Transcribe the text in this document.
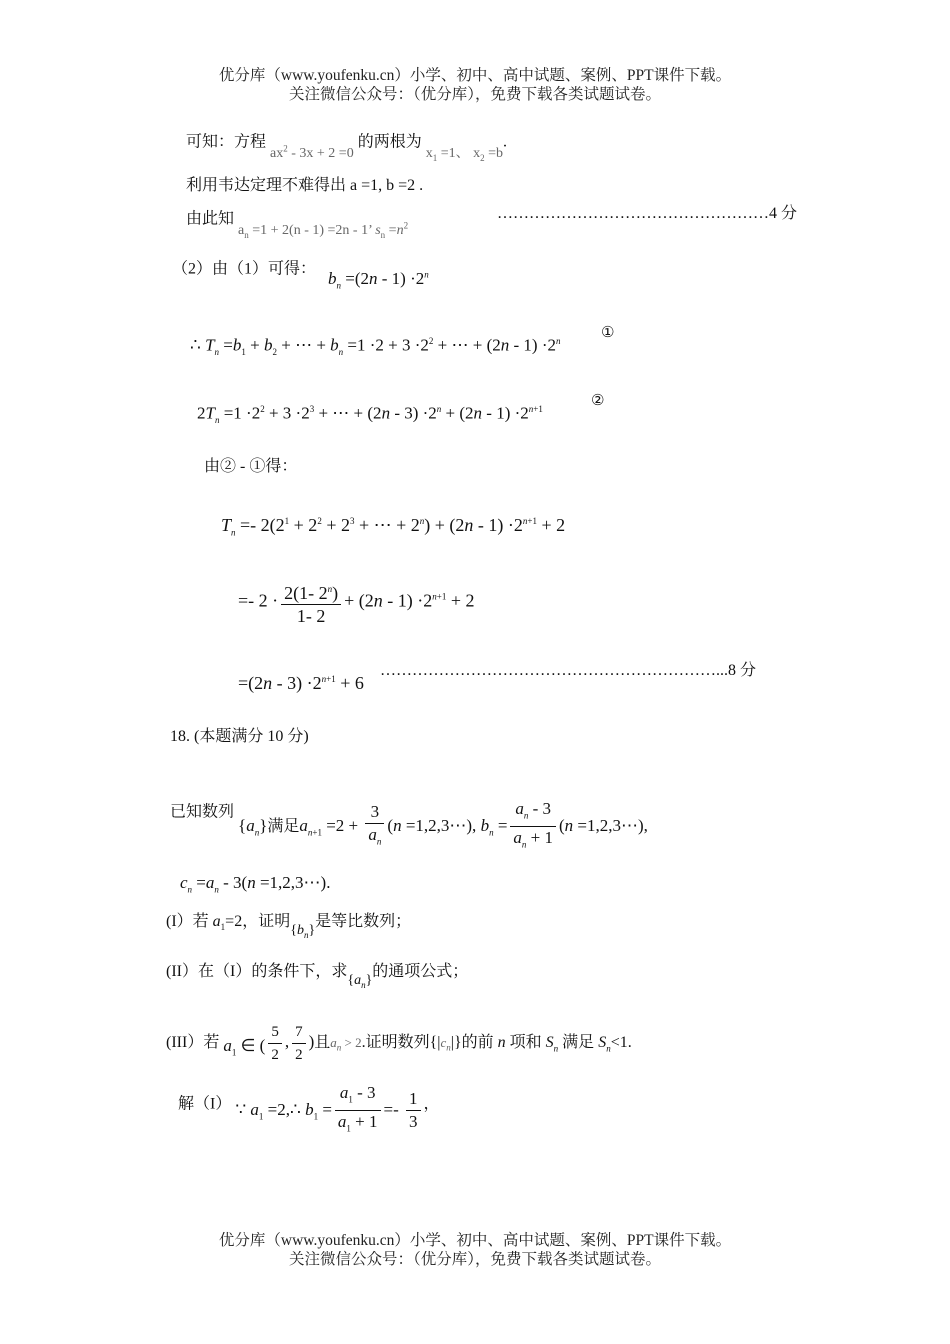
优分库（www.youfenku.cn）小学、初中、高中试题、案例、PPT课件下载。
关注微信公众号：（优分库），免费下载各类试题试卷。
可知：方程 $ax^2 - 3x + 2 =0$ 的两根为 $x_1 =1$、 $x_2 =b$.
利用韦达定理不难得出 a =1, b =2 .
由此知 $a_n =1 + 2(n - 1) =2n - 1$’ $s_n =n^2$
……………………………………………4 分
（2）由（1）可得： $b_n =(2n - 1) \cdot 2^n$
∴ $T_n =b_1 + b_2$ + ⋯ + $b_n =1 \cdot 2 + 3 \cdot 2^2$ + ⋯ + $(2n - 1) \cdot 2^n$	①
$2T_n =1 \cdot 2^2 + 3 \cdot 2^3$ + ⋯ + $(2n - 3) \cdot 2^n + (2n - 1) \cdot 2^{n+1}$	②
由② - ①得：
$T_n =- 2(2^1 + 2^2 + 2^3$ + ⋯ + $2^n) + (2n - 1) \cdot 2^{n+1} + 2$
=- $2 \cdot \frac{2(1- 2^n)}{1- 2} + (2n - 1) \cdot 2^{n+1} + 2$
$=(2n - 3) \cdot 2^{n+1} + 6$
………………………………………………………...8 分
18. (本题满分 10 分)
已知数列 $\{a_n\}$满足$a_{n+1} =2 + \frac{3}{a_n} (n$ =1,2,3⋯), $b_n = \frac{a_n - 3}{a_n + 1} (n$ =1,2,3⋯),
$c_n =a_n - 3(n$ =1,2,3⋯).
(I）若 $a_1=2$，证明$\{b_n\}$是等比数列；
(II）在（I）的条件下，求$\{a_n\}$的通项公式；
(III）若 $a_1$ ∈ ( $\frac{5}{2}$ , $\frac{7}{2}$ )且$a_n > 2$.证明数列$\{|c_n|\}$的前 n 项和 $S_n$ 满足 $S_n<1$.
解（I） ∵ $a_1$ =2,∴ $b_1 = \frac{a_1 - 3}{a_1 + 1} =- \frac{1}{3}$ ，
优分库（www.youfenku.cn）小学、初中、高中试题、案例、PPT课件下载。
关注微信公众号：（优分库），免费下载各类试题试卷。
